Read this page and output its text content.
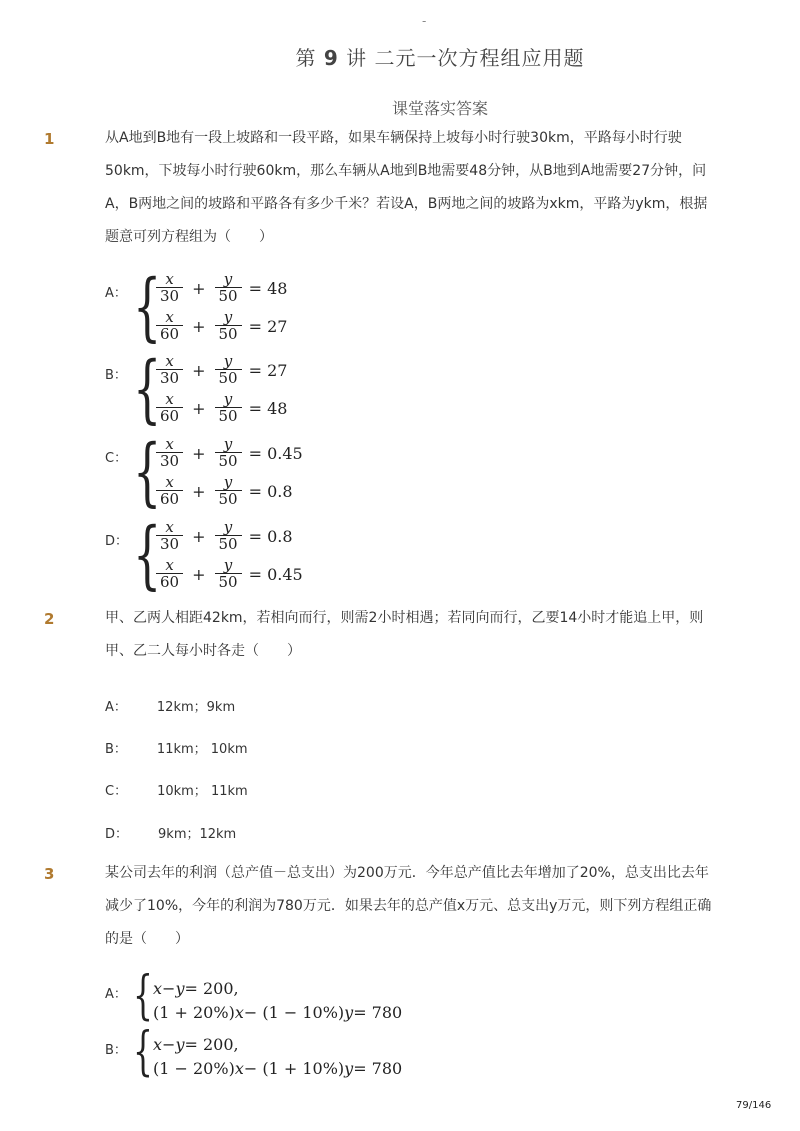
-
第 9 讲 二元一次方程组应用题
课堂落实答案
1	从A地到B地有一段上坡路和一段平路，如果车辆保持上坡每小时行驶30km，平路每小时行驶
50km，下坡每小时行驶60km，那么车辆从A地到B地需要48分钟，从B地到A地需要27分钟，问
A，B两地之间的坡路和平路各有多少千米？若设A，B两地之间的坡路为xkm，平路为ykm，根据
题意可列方程组为（　　）
A： {
$\frac{x}{30} + \frac{y}{50} = 48$
$\frac{x}{60} + \frac{y}{50} = 27$
B： {
$\frac{x}{30} + \frac{y}{50} = 27$
$\frac{x}{60} + \frac{y}{50} = 48$
C： {
$\frac{x}{30} + \frac{y}{50} = 0.45$
$\frac{x}{60} + \frac{y}{50} = 0.8$
D： {
$\frac{x}{30} + \frac{y}{50} = 0.8$
$\frac{x}{60} + \frac{y}{50} = 0.45$
2	甲、乙两人相距42km，若相向而行，则需2小时相遇；若同向而行，乙要14小时才能追上甲，则
甲、乙二人每小时各走（　　）
A： 12km；9km
B： 11km； 10km
C： 10km； 11km
D： 9km；12km
3	某公司去年的利润（总产值－总支出）为200万元．今年总产值比去年增加了20%，总支出比去年
减少了10%，今年的利润为780万元．如果去年的总产值x万元、总支出y万元，则下列方程组正确
的是（　　）
A： { x − y = 200,
(1 + 20%) x − (1 − 10%) y = 780
B： { x − y = 200,
(1 − 20%) x − (1 + 10%) y = 780
79/146
